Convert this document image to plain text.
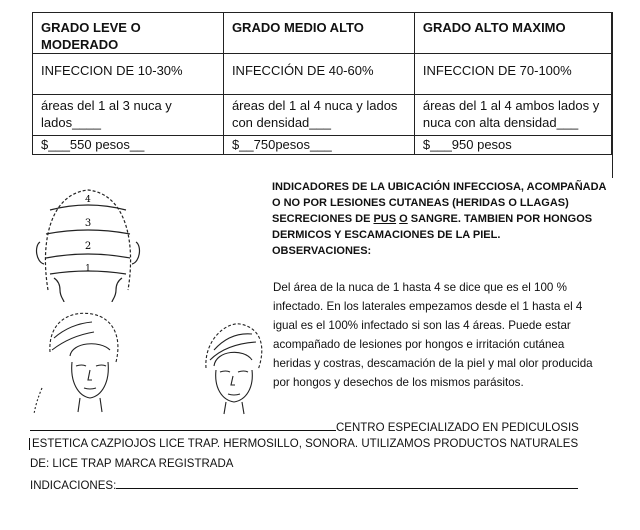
GRADO LEVE O MODERADO	GRADO MEDIO ALTO	GRADO ALTO MAXIMO
INFECCION DE 10-30%	INFECCIÓN DE 40-60%	INFECCION DE 70-100%
áreas del 1 al 3 nuca y lados____	áreas del 1 al 4 nuca y lados con densidad___	áreas del 1 al 4 ambos lados y nuca con alta densidad___
$___550 pesos__	$__750pesos___	$___950 pesos
4
3
2
1
INDICADORES DE LA UBICACIÓN INFECCIOSA, ACOMPAÑADA O NO POR LESIONES CUTANEAS (HERIDAS O LLAGAS) SECRECIONES DE PUS O SANGRE. TAMBIEN POR HONGOS DERMICOS Y ESCAMACIONES DE LA PIEL.
OBSERVACIONES:
Del área de la nuca de 1 hasta 4 se dice que es el 100 % infectado. En los laterales empezamos desde el 1 hasta el 4 igual es el 100% infectado si son las 4 áreas. Puede estar acompañado de lesiones por hongos e irritación cutánea heridas y costras, descamación de la piel y mal olor producida por hongos y desechos de los mismos parásitos.
CENTRO ESPECIALIZADO EN PEDICULOSIS
ESTETICA CAZPIOJOS LICE TRAP. HERMOSILLO, SONORA. UTILIZAMOS PRODUCTOS NATURALES
DE: LICE TRAP MARCA REGISTRADA
INDICACIONES:
